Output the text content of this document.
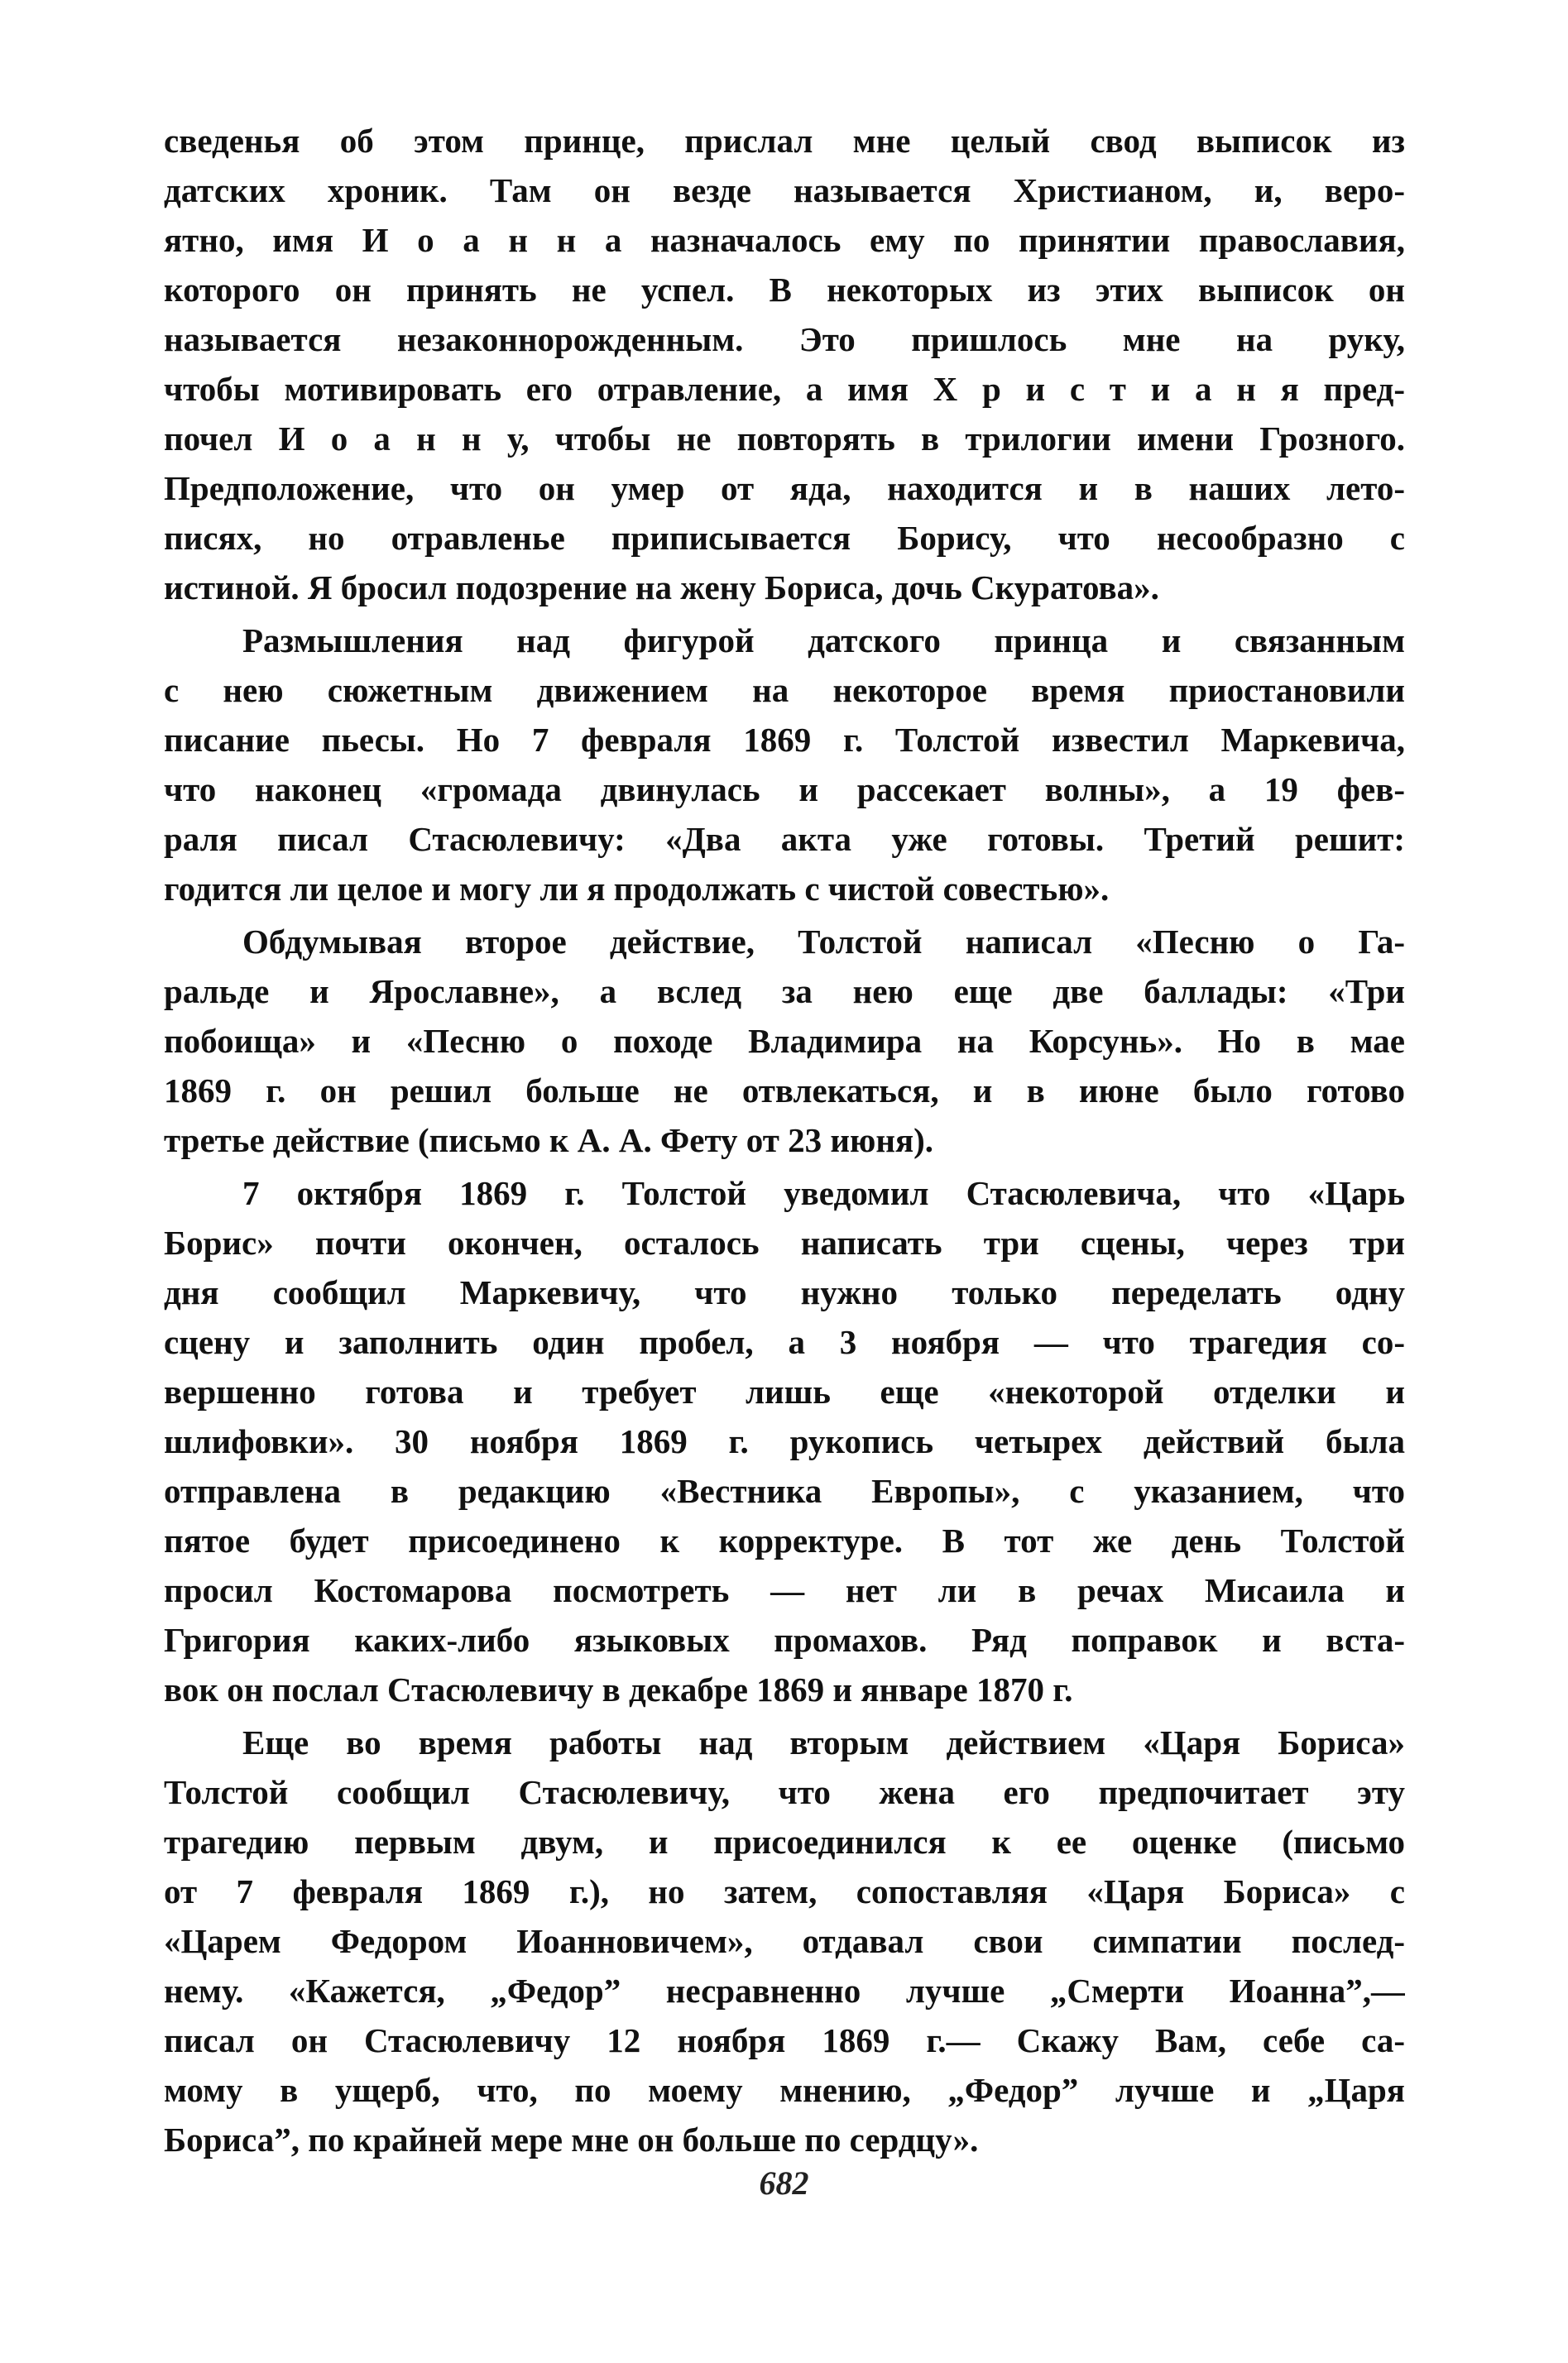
сведенья об этом принце, прислал мне целый свод выписок из
датских хроник. Там он везде называется Христианом, и, веро-
ятно, имя И о а н н а назначалось ему по принятии православия,
которого он принять не успел. В некоторых из этих выписок он
называется незаконнорожденным. Это пришлось мне на руку,
чтобы мотивировать его отравление, а имя Х р и с т и а н я пред-
почел И о а н н у, чтобы не повторять в трилогии имени Грозного.
Предположение, что он умер от яда, находится и в наших лето-
писях, но отравленье приписывается Борису, что несообразно с
истиной. Я бросил подозрение на жену Бориса, дочь Скуратова».
Размышления над фигурой датского принца и связанным
с нею сюжетным движением на некоторое время приостановили
писание пьесы. Но 7 февраля 1869 г. Толстой известил Маркевича,
что наконец «громада двинулась и рассекает волны», а 19 фев-
раля писал Стасюлевичу: «Два акта уже готовы. Третий решит:
годится ли целое и могу ли я продолжать с чистой совестью».
Обдумывая второе действие, Толстой написал «Песню о Га-
ральде и Ярославне», а вслед за нею еще две баллады: «Три
побоища» и «Песню о походе Владимира на Корсунь». Но в мае
1869 г. он решил больше не отвлекаться, и в июне было готово
третье действие (письмо к А. А. Фету от 23 июня).
7 октября 1869 г. Толстой уведомил Стасюлевича, что «Царь
Борис» почти окончен, осталось написать три сцены, через три
дня сообщил Маркевичу, что нужно только переделать одну
сцену и заполнить один пробел, а 3 ноября — что трагедия со-
вершенно готова и требует лишь еще «некоторой отделки и
шлифовки». 30 ноября 1869 г. рукопись четырех действий была
отправлена в редакцию «Вестника Европы», с указанием, что
пятое будет присоединено к корректуре. В тот же день Толстой
просил Костомарова посмотреть — нет ли в речах Мисаила и
Григория каких-либо языковых промахов. Ряд поправок и вста-
вок он послал Стасюлевичу в декабре 1869 и январе 1870 г.
Еще во время работы над вторым действием «Царя Бориса»
Толстой сообщил Стасюлевичу, что жена его предпочитает эту
трагедию первым двум, и присоединился к ее оценке (письмо
от 7 февраля 1869 г.), но затем, сопоставляя «Царя Бориса» с
«Царем Федором Иоанновичем», отдавал свои симпатии послед-
нему. «Кажется, „Федор” несравненно лучше „Смерти Иоанна”,—
писал он Стасюлевичу 12 ноября 1869 г.— Скажу Вам, себе са-
мому в ущерб, что, по моему мнению, „Федор” лучше и „Царя
Бориса”, по крайней мере мне он больше по сердцу».
682
